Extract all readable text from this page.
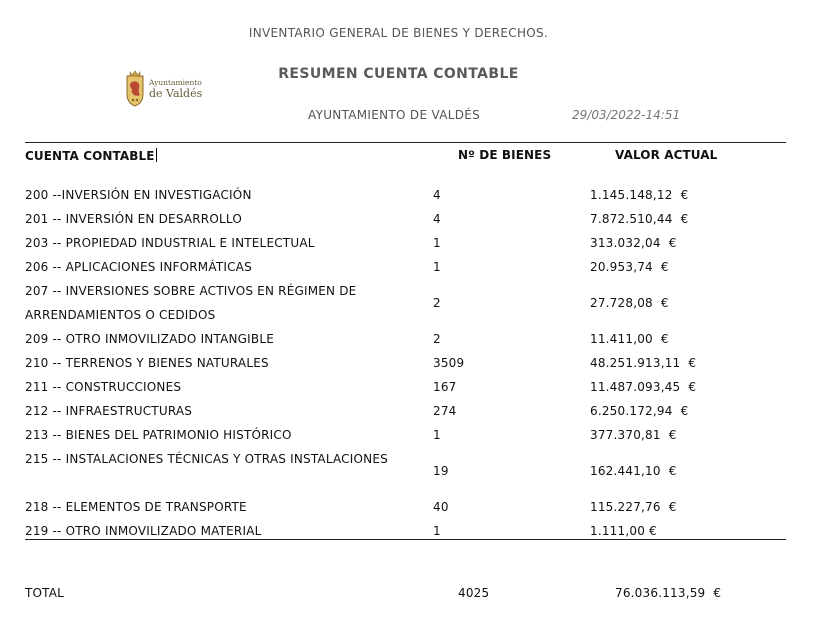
INVENTARIO GENERAL DE BIENES Y DERECHOS.
Ayuntamiento
de Valdés
RESUMEN CUENTA CONTABLE
AYUNTAMIENTO DE VALDÉS	29/03/2022-14:51
CUENTA CONTABLE	Nº DE BIENES	VALOR ACTUAL
200 --INVERSIÓN EN INVESTIGACIÓN	4	1.145.148,12  €
201 -- INVERSIÓN EN DESARROLLO	4	7.872.510,44  €
203 -- PROPIEDAD INDUSTRIAL E INTELECTUAL	1	313.032,04  €
206 -- APLICACIONES INFORMÁTICAS	1	20.953,74  €
207 -- INVERSIONES SOBRE ACTIVOS EN RÉGIMEN DE ARRENDAMIENTOS O CEDIDOS
2	27.728,08  €
209 -- OTRO INMOVILIZADO INTANGIBLE	2	11.411,00  €
210 -- TERRENOS Y BIENES NATURALES	3509	48.251.913,11  €
211 -- CONSTRUCCIONES	167	11.487.093,45  €
212 -- INFRAESTRUCTURAS	274	6.250.172,94  €
213 -- BIENES DEL PATRIMONIO HISTÓRICO	1	377.370,81  €
215 -- INSTALACIONES TÉCNICAS Y OTRAS INSTALACIONES
19	162.441,10  €
218 -- ELEMENTOS DE TRANSPORTE	40	115.227,76  €
219 -- OTRO INMOVILIZADO MATERIAL	1	1.111,00 €
TOTAL	4025	76.036.113,59  €
